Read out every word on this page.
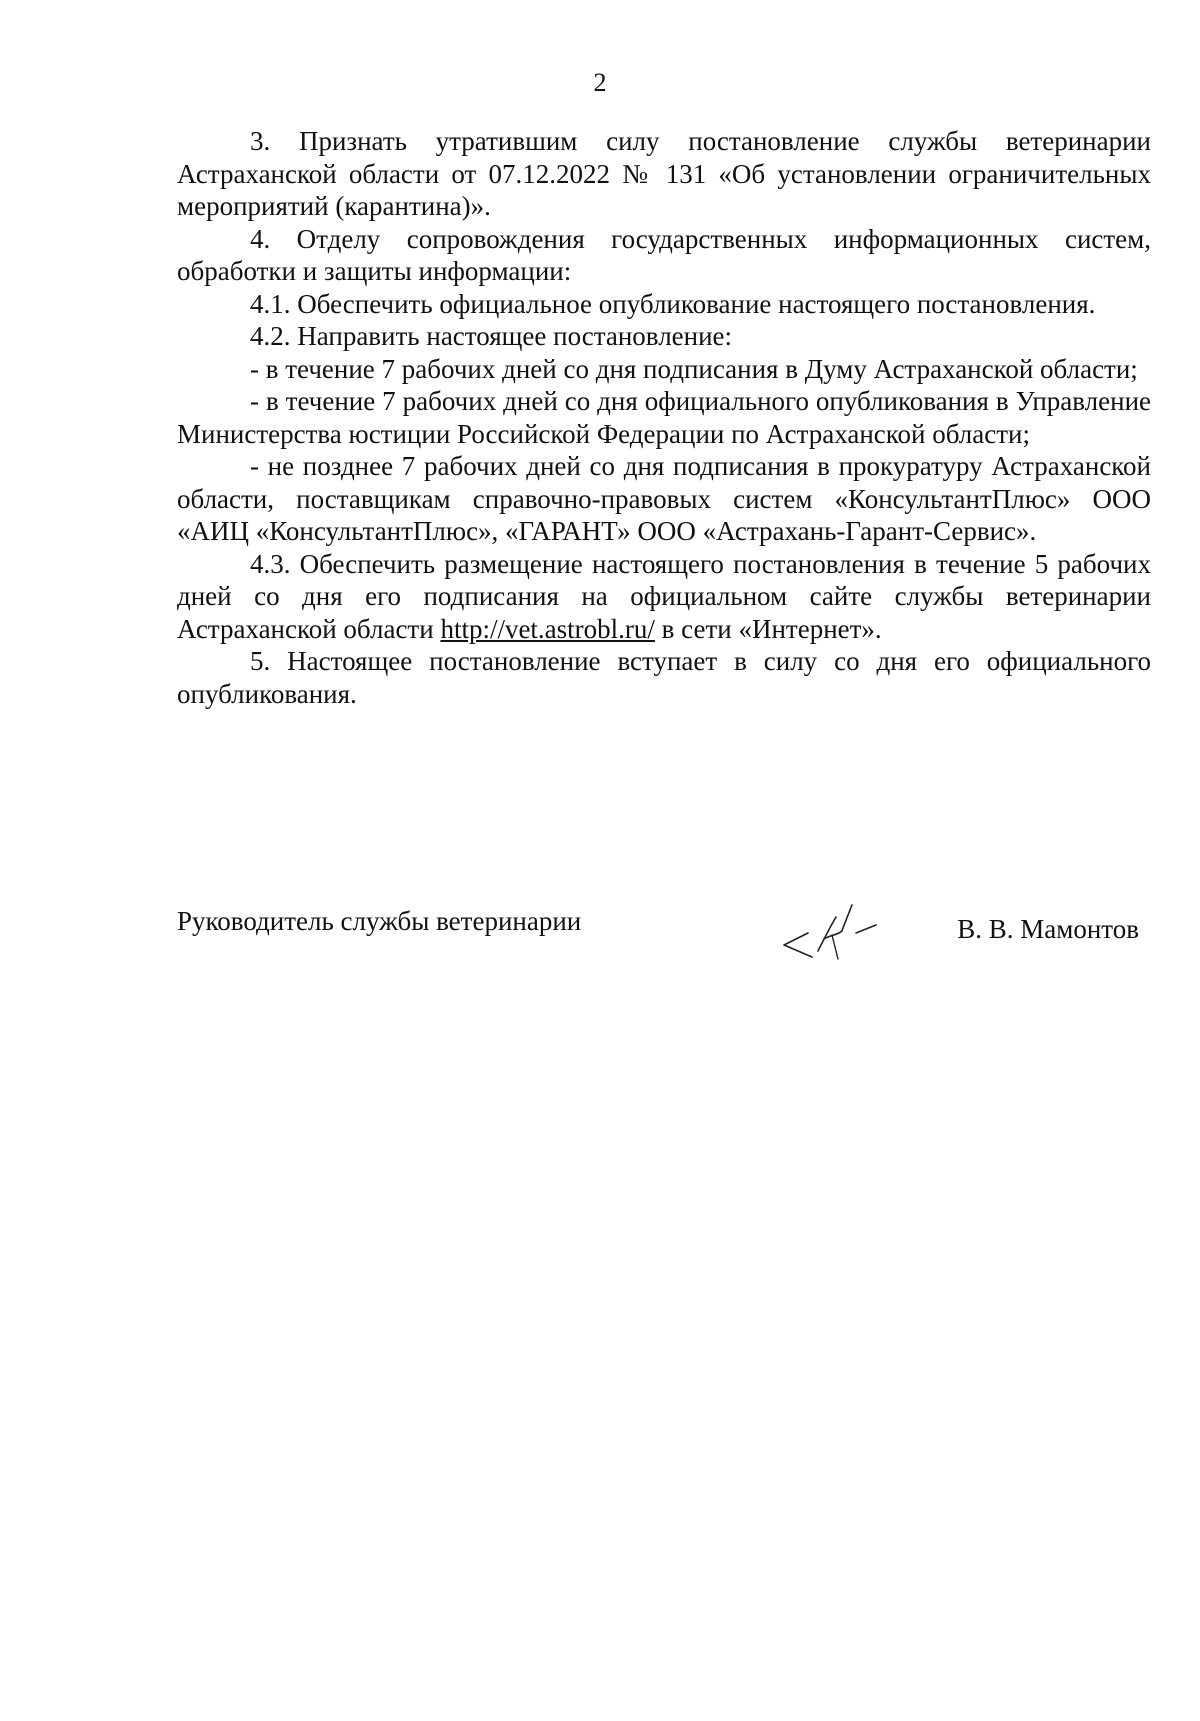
2

3. Признать утратившим силу постановление службы ветеринарии Астраханской области от 07.12.2022 № 131 «Об установлении ограничительных мероприятий (карантина)».

4. Отделу сопровождения государственных информационных систем, обработки и защиты информации:

4.1. Обеспечить официальное опубликование настоящего постановления.

4.2. Направить настоящее постановление:

- в течение 7 рабочих дней со дня подписания в Думу Астраханской области;

- в течение 7 рабочих дней со дня официального опубликования в Управление Министерства юстиции Российской Федерации по Астраханской области;

- не позднее 7 рабочих дней со дня подписания в прокуратуру Астраханской области, поставщикам справочно-правовых систем «КонсультантПлюс» ООО «АИЦ «КонсультантПлюс», «ГАРАНТ» ООО «Астрахань-Гарант-Сервис».

4.3. Обеспечить размещение настоящего постановления в течение 5 рабочих дней со дня его подписания на официальном сайте службы ветеринарии Астраханской области http://vet.astrobl.ru/ в сети «Интернет».

5. Настоящее постановление вступает в силу со дня его официального опубликования.

Руководитель службы ветеринарии	В. В. Мамонтов
